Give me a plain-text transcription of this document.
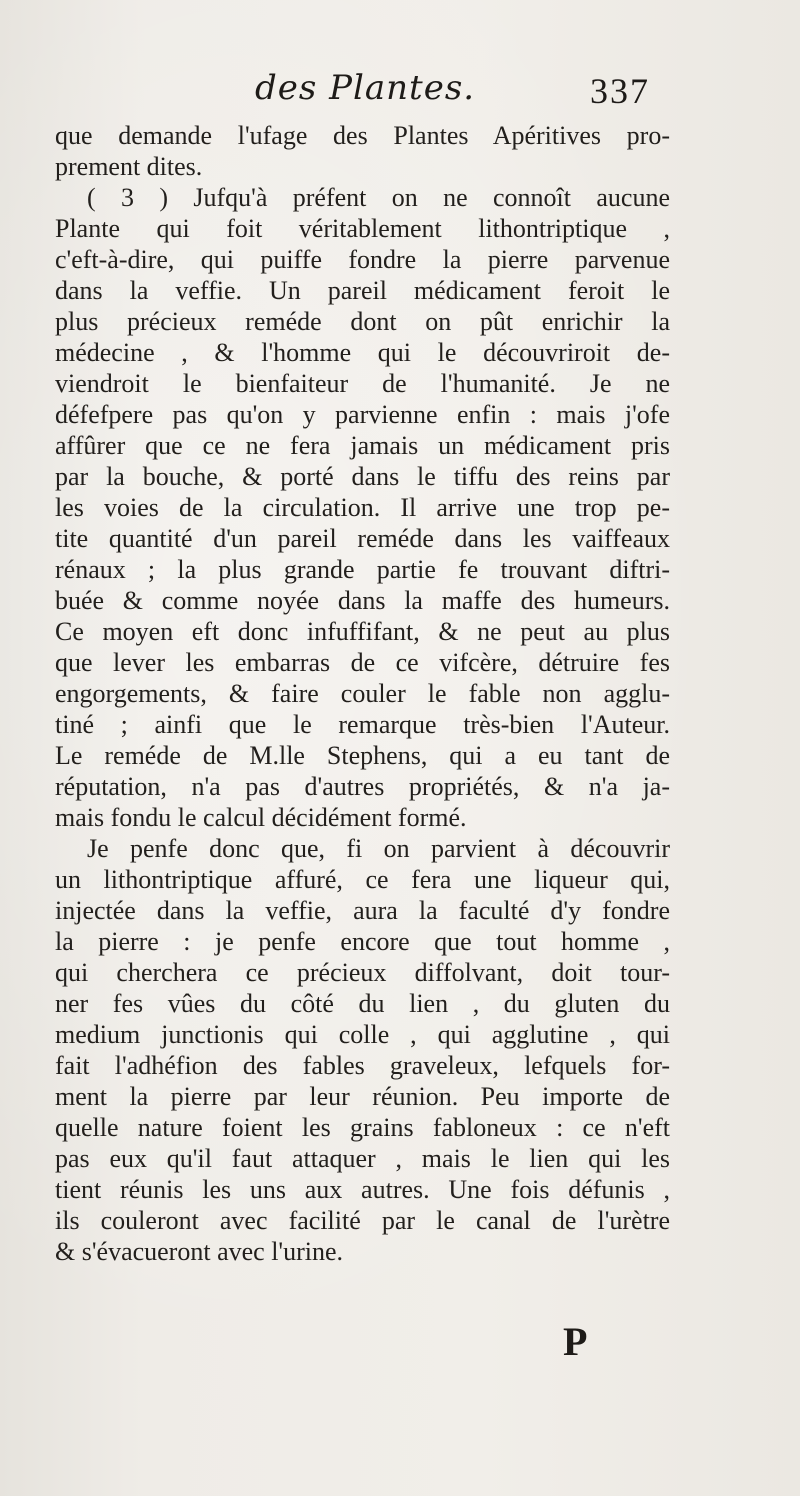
des Plantes.	337
que demande l'ufage des Plantes Apéritives pro-
prement dites.
( 3 ) Jufqu'à préfent on ne connoît aucune
Plante qui foit véritablement lithontriptique ,
c'eft-à-dire, qui puiffe fondre la pierre parvenue
dans la veffie. Un pareil médicament feroit le
plus précieux reméde dont on pût enrichir la
médecine , & l'homme qui le découvriroit de-
viendroit le bienfaiteur de l'humanité. Je ne
défefpere pas qu'on y parvienne enfin : mais j'ofe
affûrer que ce ne fera jamais un médicament pris
par la bouche, & porté dans le tiffu des reins par
les voies de la circulation. Il arrive une trop pe-
tite quantité d'un pareil reméde dans les vaiffeaux
rénaux ; la plus grande partie fe trouvant diftri-
buée & comme noyée dans la maffe des humeurs.
Ce moyen eft donc infuffifant, & ne peut au plus
que lever les embarras de ce vifcère, détruire fes
engorgements, & faire couler le fable non agglu-
tiné ; ainfi que le remarque très-bien l'Auteur.
Le reméde de M.lle Stephens, qui a eu tant de
réputation, n'a pas d'autres propriétés, & n'a ja-
mais fondu le calcul décidément formé.
Je penfe donc que, fi on parvient à découvrir
un lithontriptique affuré, ce fera une liqueur qui,
injectée dans la veffie, aura la faculté d'y fondre
la pierre : je penfe encore que tout homme ,
qui cherchera ce précieux diffolvant, doit tour-
ner fes vûes du côté du lien , du gluten du
medium junctionis qui colle , qui agglutine , qui
fait l'adhéfion des fables graveleux, lefquels for-
ment la pierre par leur réunion. Peu importe de
quelle nature foient les grains fabloneux : ce n'eft
pas eux qu'il faut attaquer , mais le lien qui les
tient réunis les uns aux autres. Une fois défunis ,
ils couleront avec facilité par le canal de l'urètre
& s'évacueront avec l'urine.
P
